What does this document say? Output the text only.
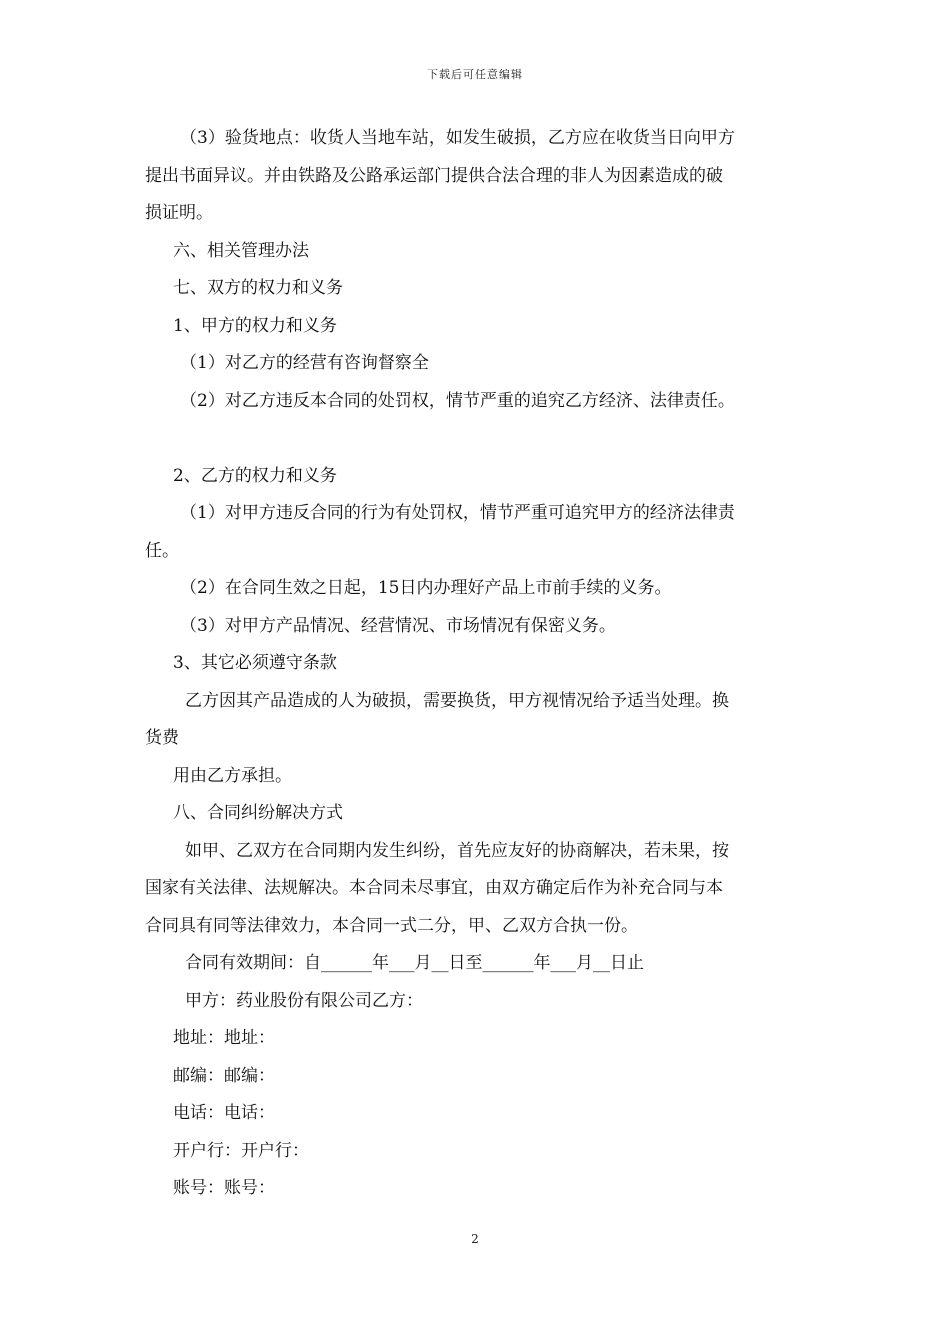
下载后可任意编辑
（3）验货地点：收货人当地车站，如发生破损，乙方应在收货当日向甲方
提出书面异议。并由铁路及公路承运部门提供合法合理的非人为因素造成的破
损证明。
六、相关管理办法
七、双方的权力和义务
1、甲方的权力和义务
（1）对乙方的经营有咨询督察全
（2）对乙方违反本合同的处罚权，情节严重的追究乙方经济、法律责任。
2、乙方的权力和义务
（1）对甲方违反合同的行为有处罚权，情节严重可追究甲方的经济法律责
任。
（2）在合同生效之日起，15日内办理好产品上市前手续的义务。
（3）对甲方产品情况、经营情况、市场情况有保密义务。
3、其它必须遵守条款
乙方因其产品造成的人为破损，需要换货，甲方视情况给予适当处理。换
货费
用由乙方承担。
八、合同纠纷解决方式
如甲、乙双方在合同期内发生纠纷，首先应友好的协商解决，若未果，按
国家有关法律、法规解决。本合同未尽事宜，由双方确定后作为补充合同与本
合同具有同等法律效力，本合同一式二分，甲、乙双方合执一份。
合同有效期间：自______年___月__日至______年___月__日止
甲方：药业股份有限公司乙方：
地址：地址：
邮编：邮编：
电话：电话：
开户行：开户行：
账号：账号：
2
